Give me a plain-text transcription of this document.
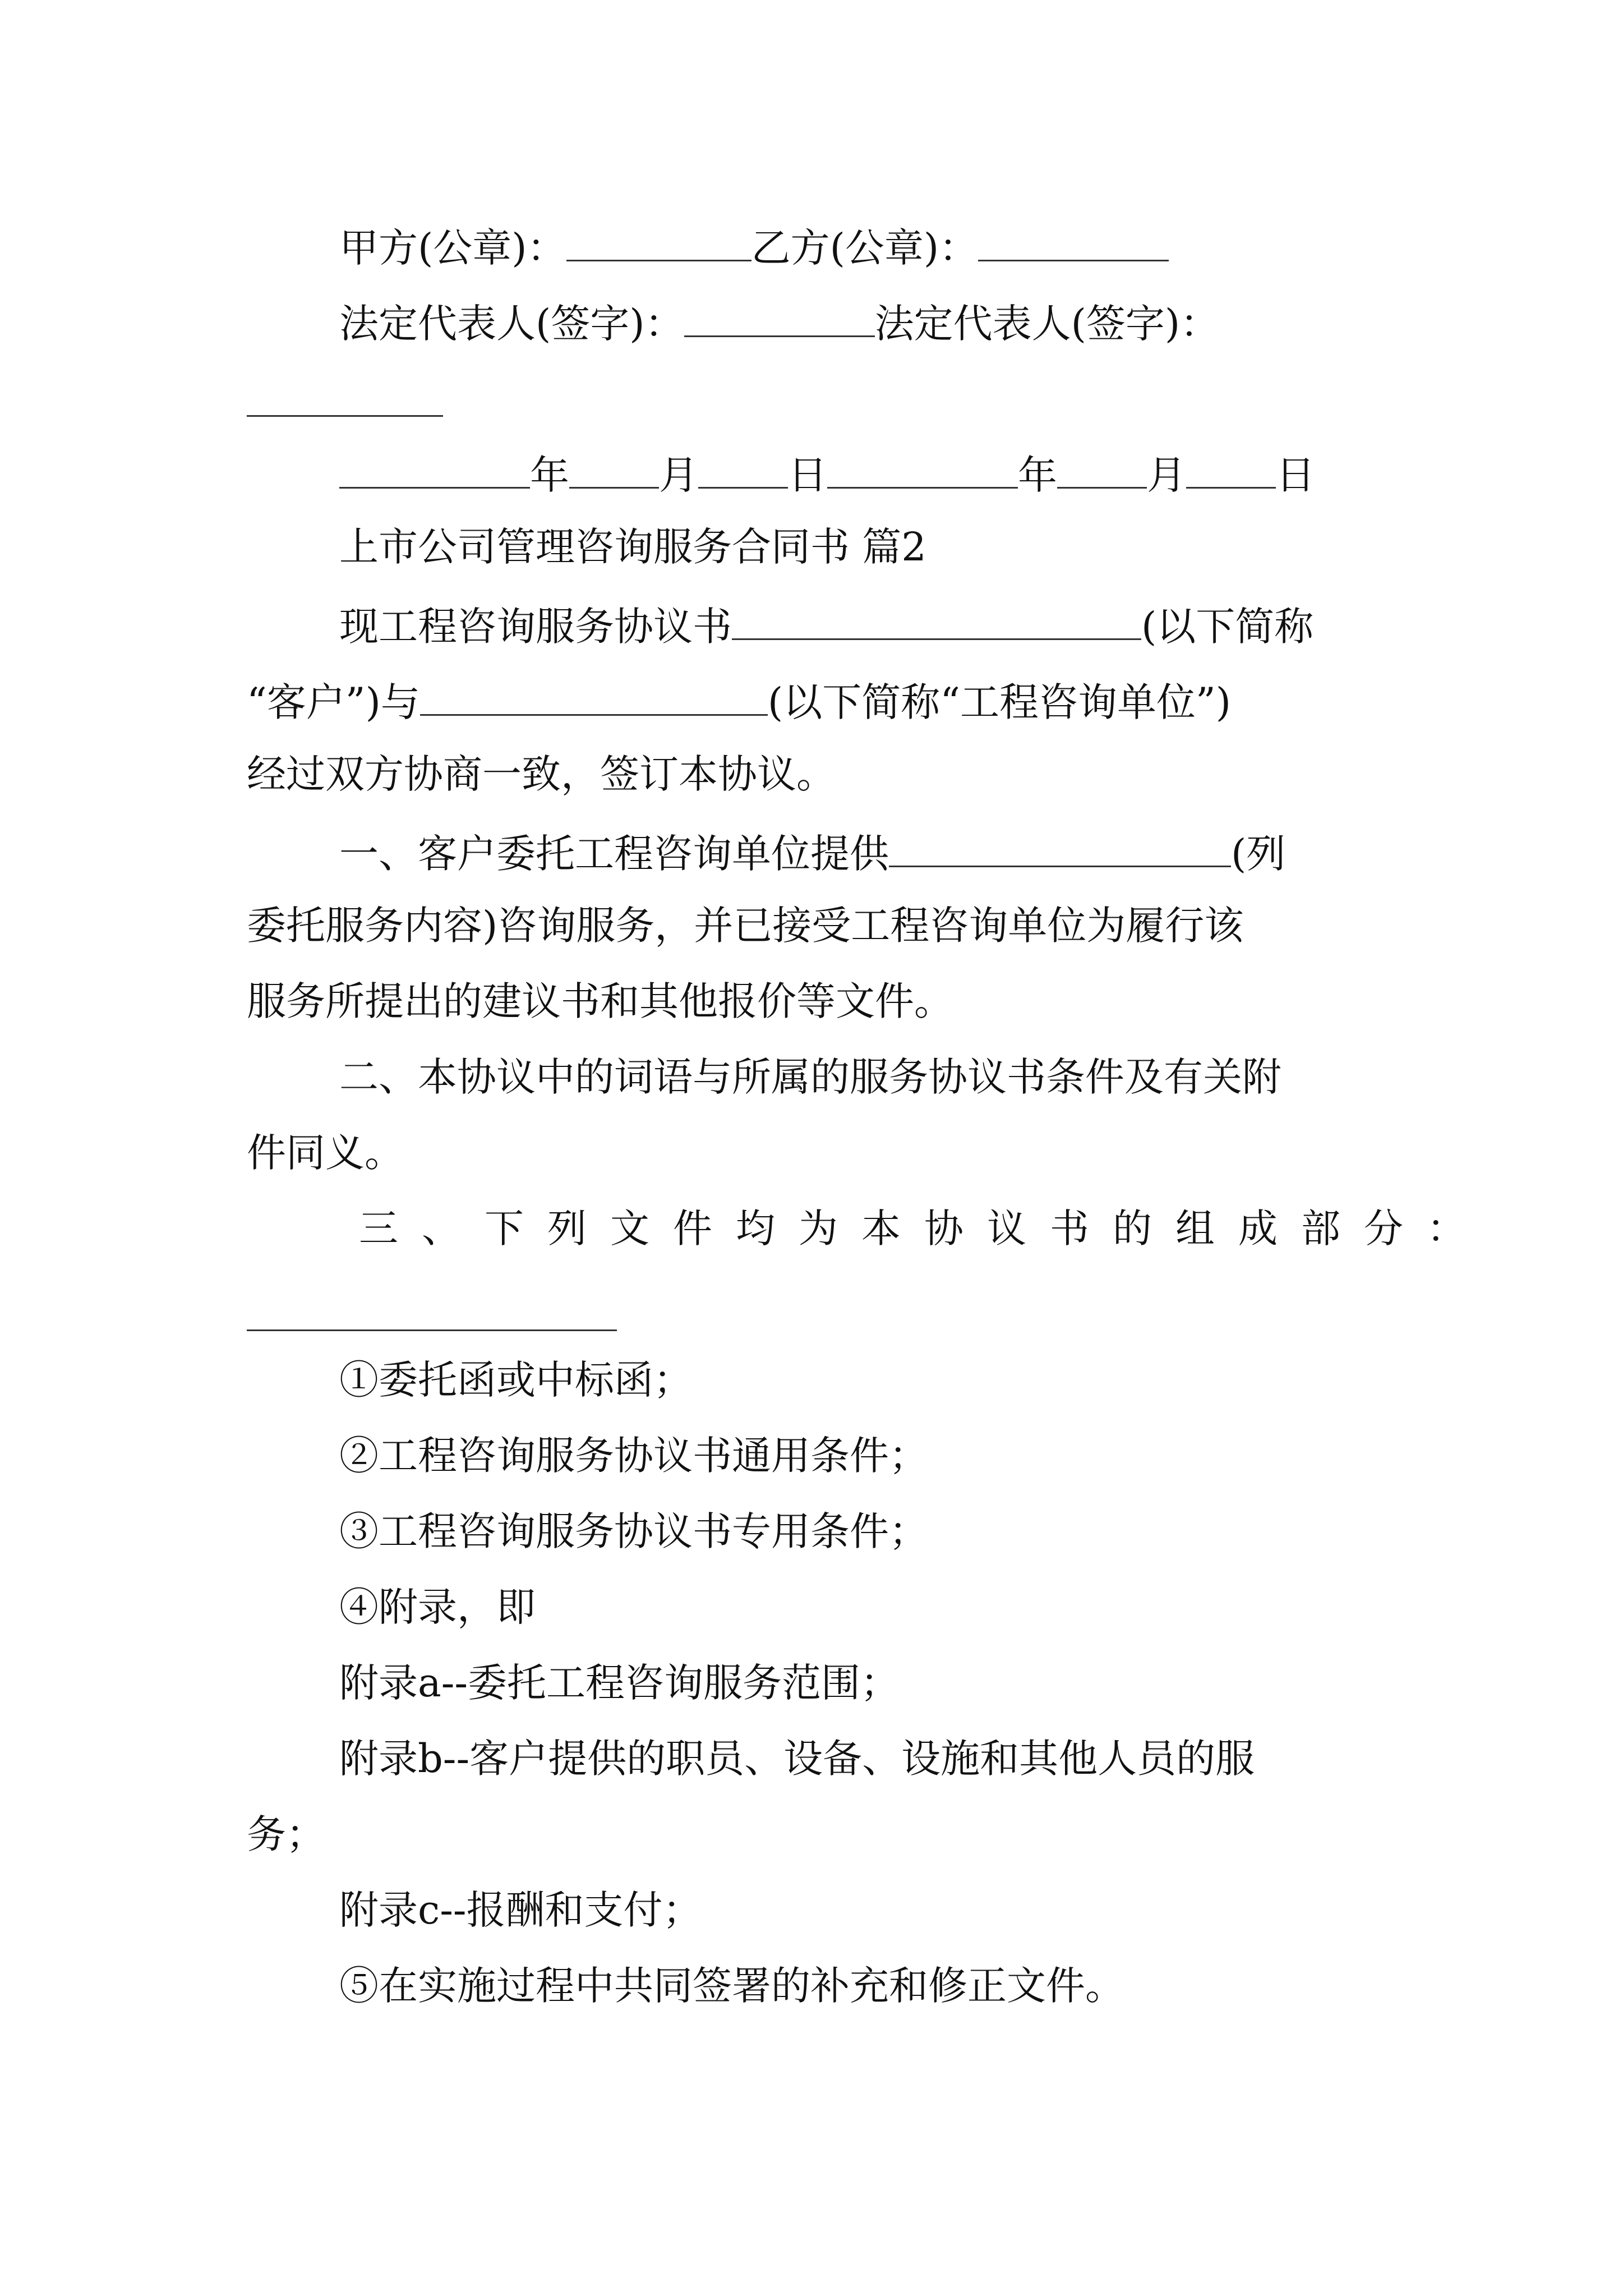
甲方(公章)：	乙方(公章)：
法定代表人(签字)：	法定代表人(签字)：
年 月 日	年 月 日
上市公司管理咨询服务合同书 篇2
现工程咨询服务协议书	(以下简称
“客户”)与	(以下简称“工程咨询单位”)
经过双方协商一致，签订本协议。
一、客户委托工程咨询单位提供	(列
委托服务内容)咨询服务，并已接受工程咨询单位为履行该
服务所提出的建议书和其他报价等文件。
二、本协议中的词语与所属的服务协议书条件及有关附
件同义。
三、下列文件均为本协议书的组成部分：
①委托函或中标函；
②工程咨询服务协议书通用条件；
③工程咨询服务协议书专用条件；
④附录，即
附录a--委托工程咨询服务范围；
附录b--客户提供的职员、设备、设施和其他人员的服
务；
附录c--报酬和支付；
⑤在实施过程中共同签署的补充和修正文件。
